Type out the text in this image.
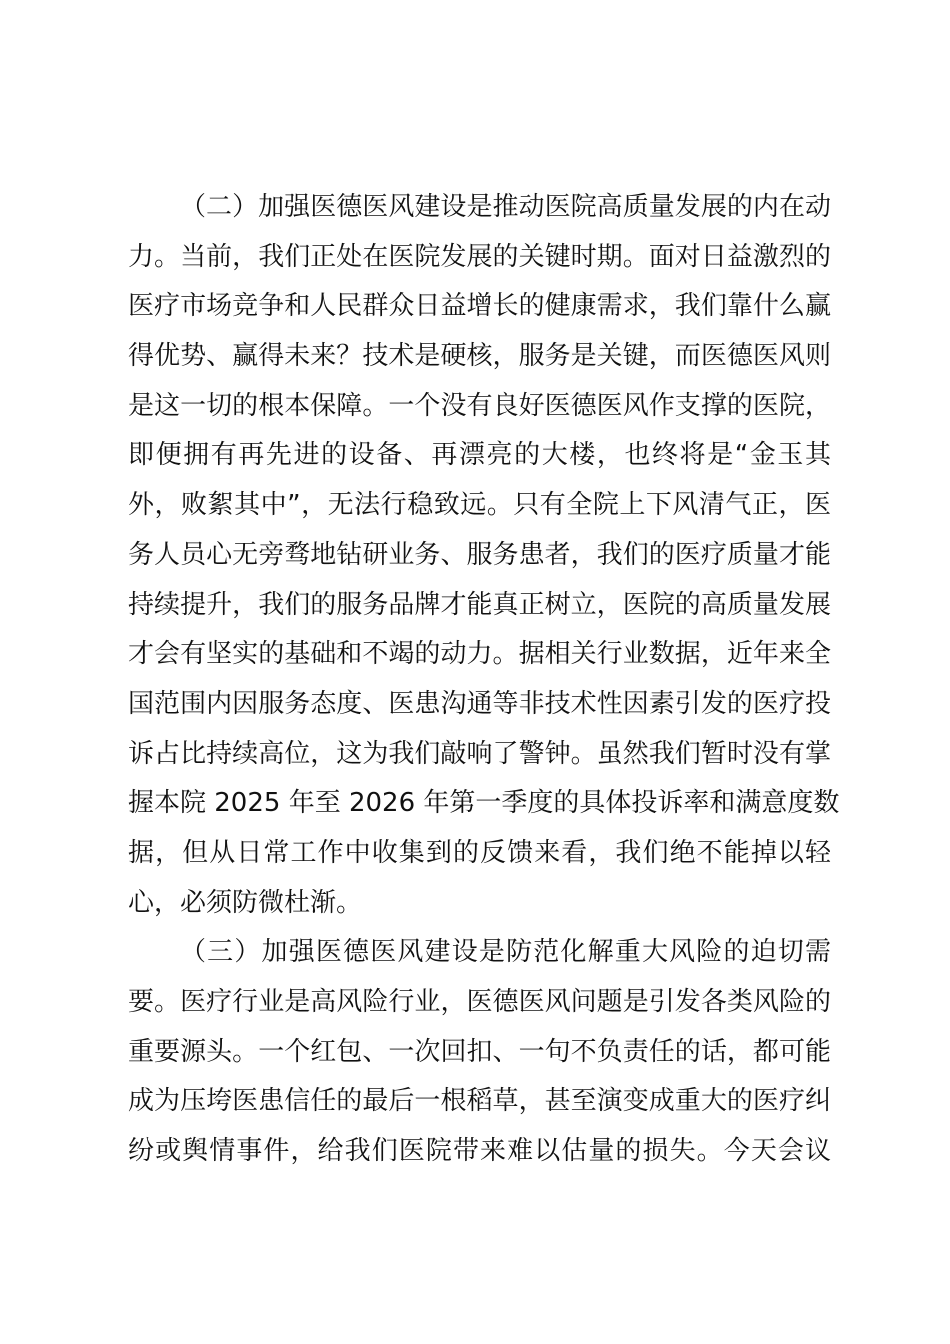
（二）加强医德医风建设是推动医院高质量发展的内在动
力。当前，我们正处在医院发展的关键时期。面对日益激烈的
医疗市场竞争和人民群众日益增长的健康需求，我们靠什么赢
得优势、赢得未来？技术是硬核，服务是关键，而医德医风则
是这一切的根本保障。一个没有良好医德医风作支撑的医院，
即便拥有再先进的设备、再漂亮的大楼，也终将是“金玉其
外，败絮其中”，无法行稳致远。只有全院上下风清气正，医
务人员心无旁骛地钻研业务、服务患者，我们的医疗质量才能
持续提升，我们的服务品牌才能真正树立，医院的高质量发展
才会有坚实的基础和不竭的动力。据相关行业数据，近年来全
国范围内因服务态度、医患沟通等非技术性因素引发的医疗投
诉占比持续高位，这为我们敲响了警钟。虽然我们暂时没有掌
握本院 2025 年至 2026 年第一季度的具体投诉率和满意度数
据，但从日常工作中收集到的反馈来看，我们绝不能掉以轻
心，必须防微杜渐。
（三）加强医德医风建设是防范化解重大风险的迫切需
要。医疗行业是高风险行业，医德医风问题是引发各类风险的
重要源头。一个红包、一次回扣、一句不负责任的话，都可能
成为压垮医患信任的最后一根稻草，甚至演变成重大的医疗纠
纷或舆情事件，给我们医院带来难以估量的损失。今天会议
